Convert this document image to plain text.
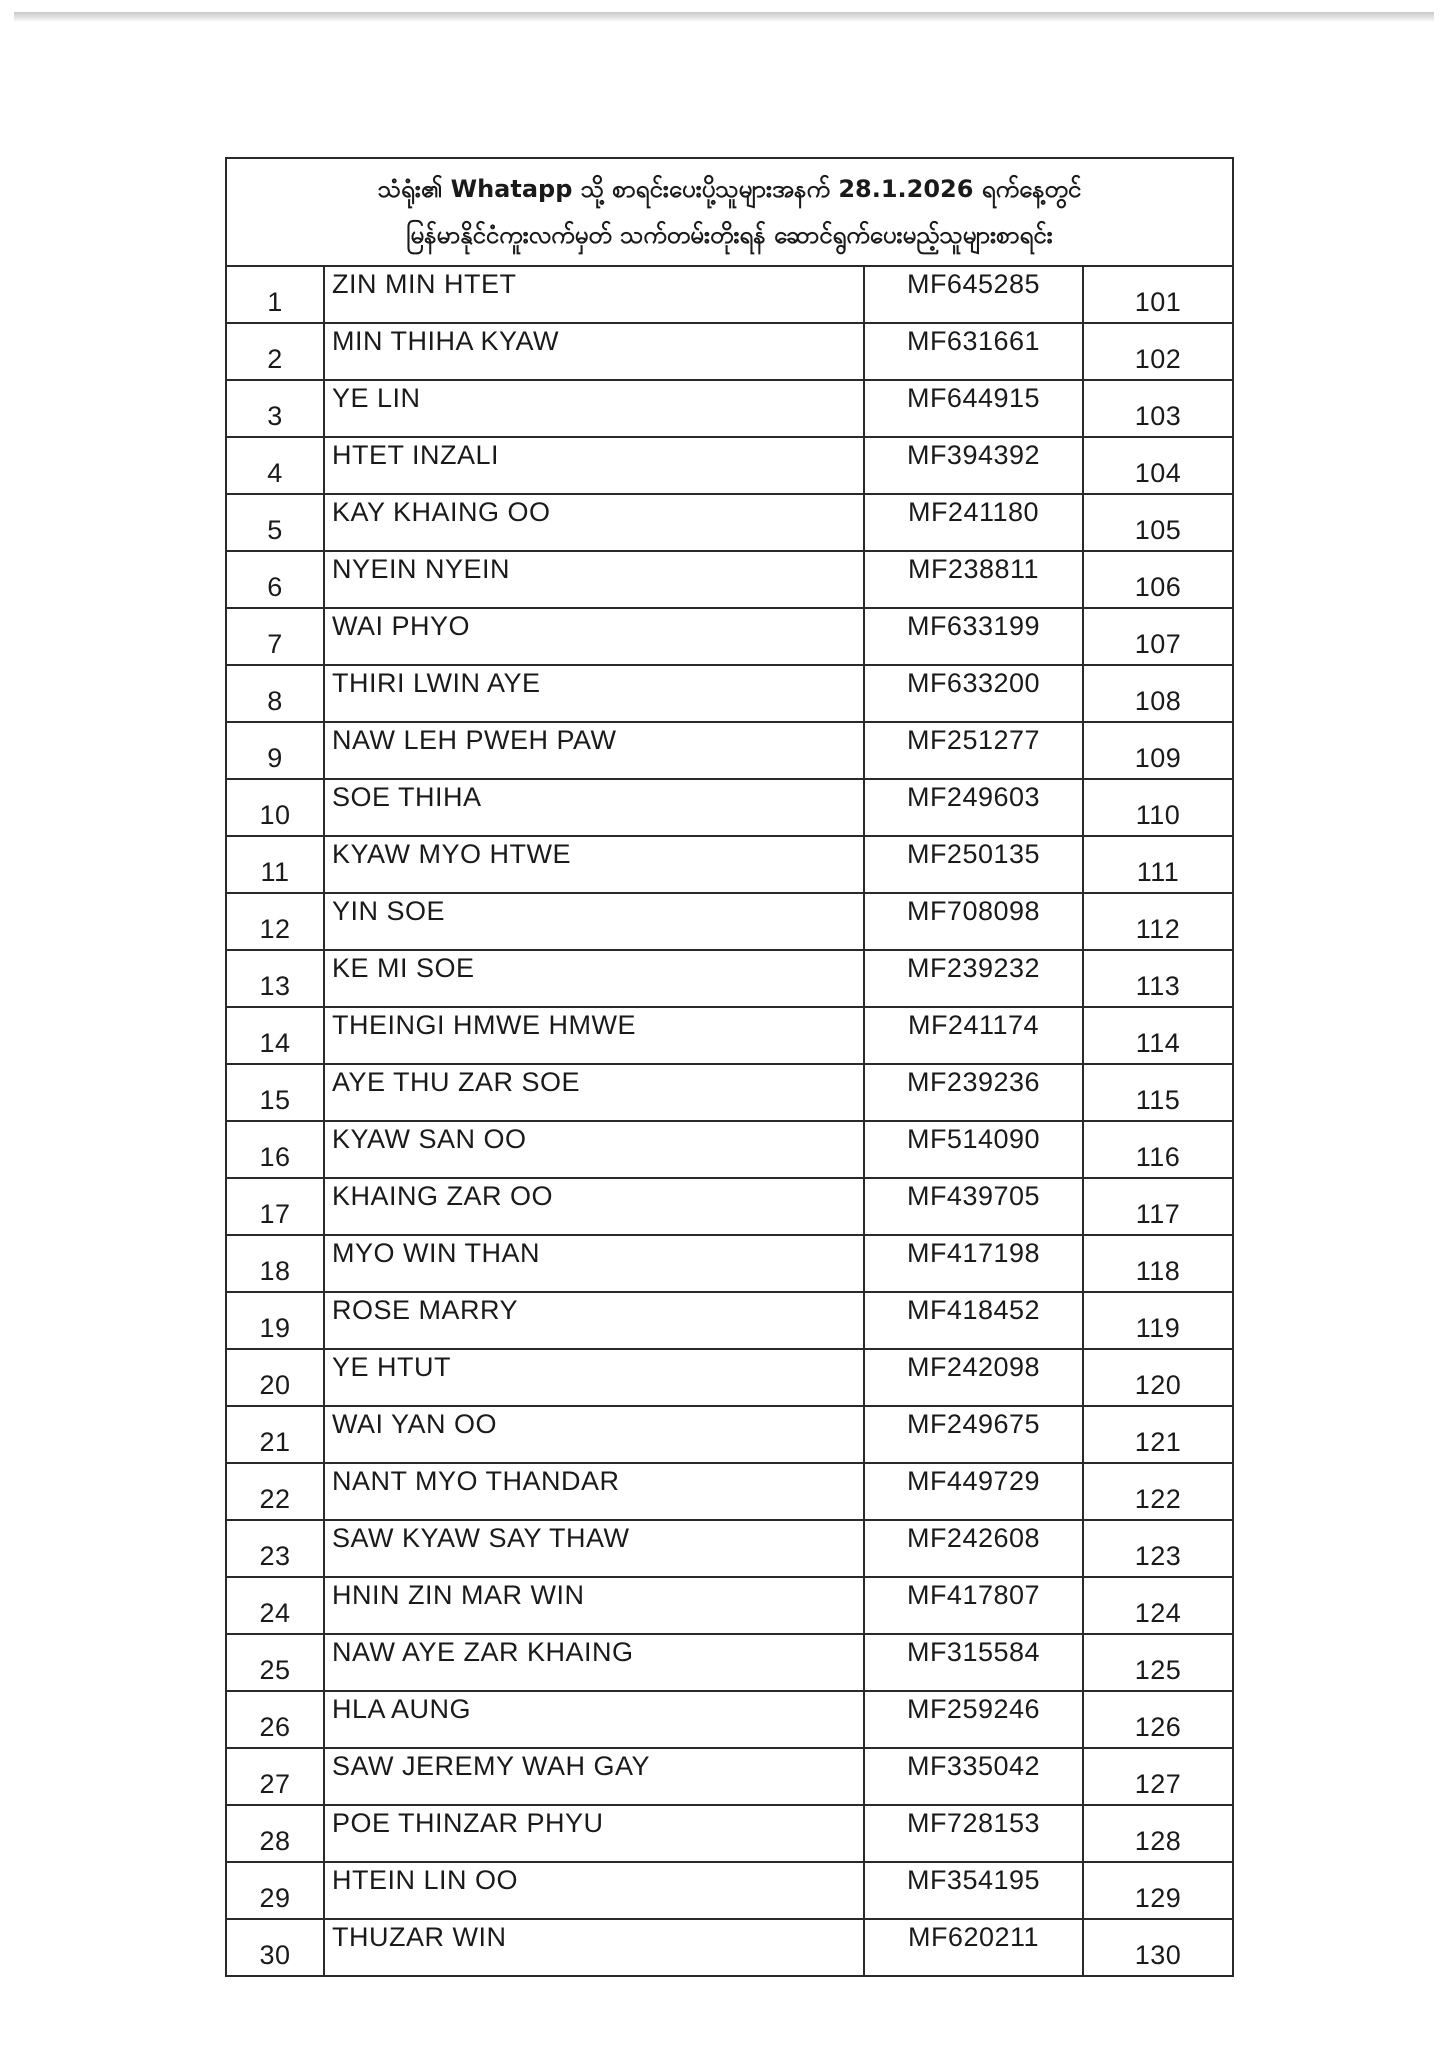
သံရုံး၏ Whatapp သို့ စာရင်းပေးပို့သူများအနက် 28.1.2026 ရက်နေ့တွင်
မြန်မာနိုင်ငံကူးလက်မှတ် သက်တမ်းတိုးရန် ဆောင်ရွက်ပေးမည့်သူများစာရင်း
1	ZIN MIN HTET	MF645285	101
2	MIN THIHA KYAW	MF631661	102
3	YE LIN	MF644915	103
4	HTET INZALI	MF394392	104
5	KAY KHAING OO	MF241180	105
6	NYEIN NYEIN	MF238811	106
7	WAI PHYO	MF633199	107
8	THIRI LWIN AYE	MF633200	108
9	NAW LEH PWEH PAW	MF251277	109
10	SOE THIHA	MF249603	110
11	KYAW MYO HTWE	MF250135	111
12	YIN SOE	MF708098	112
13	KE MI SOE	MF239232	113
14	THEINGI HMWE HMWE	MF241174	114
15	AYE THU ZAR SOE	MF239236	115
16	KYAW SAN OO	MF514090	116
17	KHAING ZAR OO	MF439705	117
18	MYO WIN THAN	MF417198	118
19	ROSE MARRY	MF418452	119
20	YE HTUT	MF242098	120
21	WAI YAN OO	MF249675	121
22	NANT MYO THANDAR	MF449729	122
23	SAW KYAW SAY THAW	MF242608	123
24	HNIN ZIN MAR WIN	MF417807	124
25	NAW AYE ZAR KHAING	MF315584	125
26	HLA AUNG	MF259246	126
27	SAW JEREMY WAH GAY	MF335042	127
28	POE THINZAR PHYU	MF728153	128
29	HTEIN LIN OO	MF354195	129
30	THUZAR WIN	MF620211	130
